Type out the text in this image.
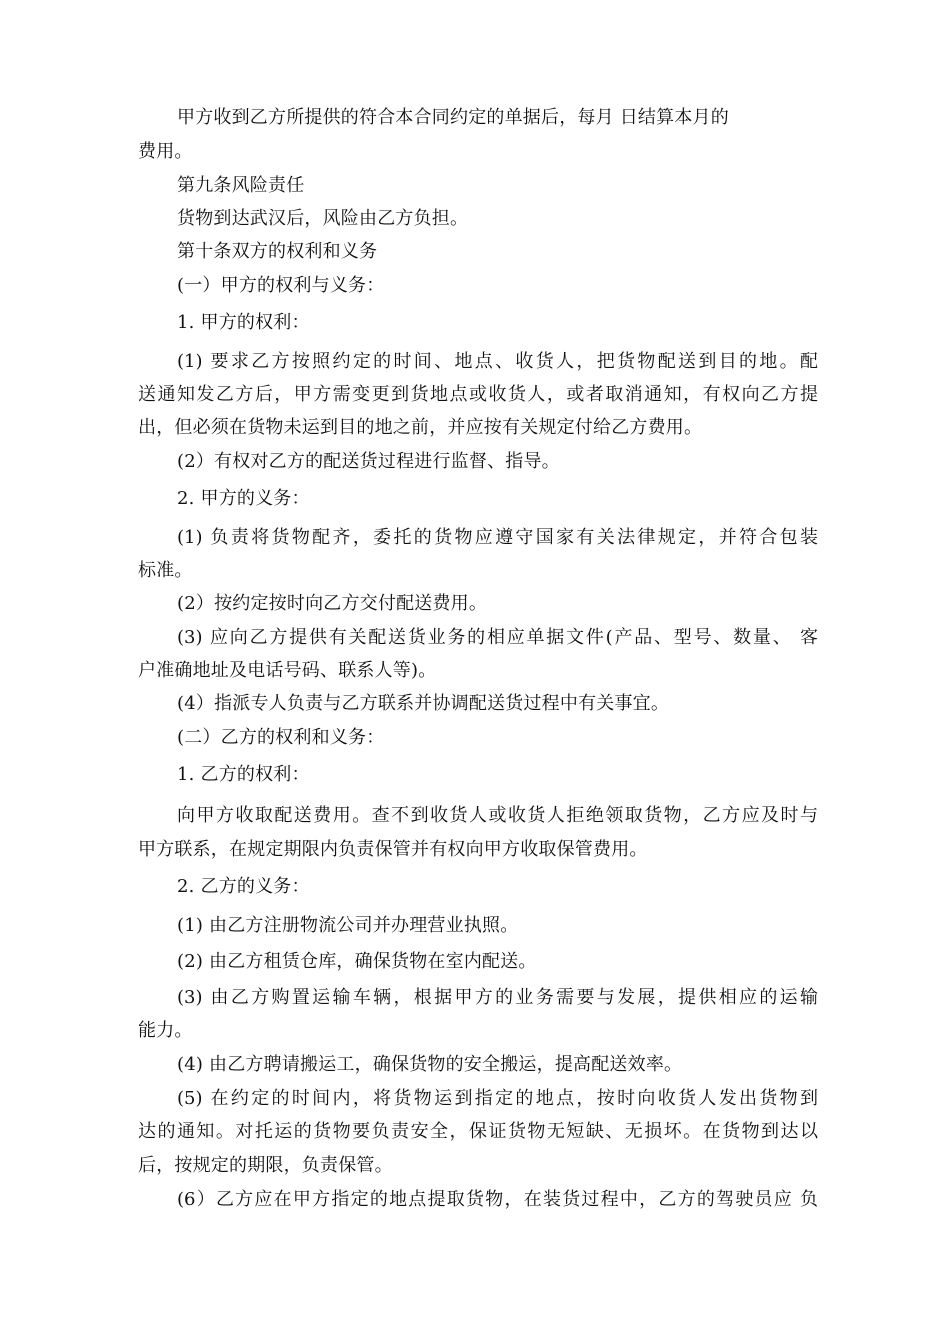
甲方收到乙方所提供的符合本合同约定的单据后，每月 日结算本月的
费用。
第九条风险责任
货物到达武汉后，风险由乙方负担。
第十条双方的权利和义务
(一）甲方的权利与义务：
1. 甲方的权利：
(1) 要求乙方按照约定的时间、地点、收货人，把货物配送到目的地。配
送通知发乙方后，甲方需变更到货地点或收货人，或者取消通知，有权向乙方提
出，但必须在货物未运到目的地之前，并应按有关规定付给乙方费用。
(2）有权对乙方的配送货过程进行监督、指导。
2. 甲方的义务：
(1) 负责将货物配齐，委托的货物应遵守国家有关法律规定，并符合包装
标准。
(2）按约定按时向乙方交付配送费用。
(3) 应向乙方提供有关配送货业务的相应单据文件(产品、型号、数量、 客
户准确地址及电话号码、联系人等)。
(4）指派专人负责与乙方联系并协调配送货过程中有关事宜。
(二）乙方的权利和义务：
1. 乙方的权利：
向甲方收取配送费用。查不到收货人或收货人拒绝领取货物，乙方应及时与
甲方联系，在规定期限内负责保管并有权向甲方收取保管费用。
2. 乙方的义务：
(1) 由乙方注册物流公司并办理营业执照。
(2) 由乙方租赁仓库，确保货物在室内配送。
(3) 由乙方购置运输车辆，根据甲方的业务需要与发展，提供相应的运输
能力。
(4) 由乙方聘请搬运工，确保货物的安全搬运，提高配送效率。
(5) 在约定的时间内，将货物运到指定的地点，按时向收货人发出货物到
达的通知。对托运的货物要负责安全，保证货物无短缺、无损坏。在货物到达以
后，按规定的期限，负责保管。
(6）乙方应在甲方指定的地点提取货物，在装货过程中，乙方的驾驶员应 负
